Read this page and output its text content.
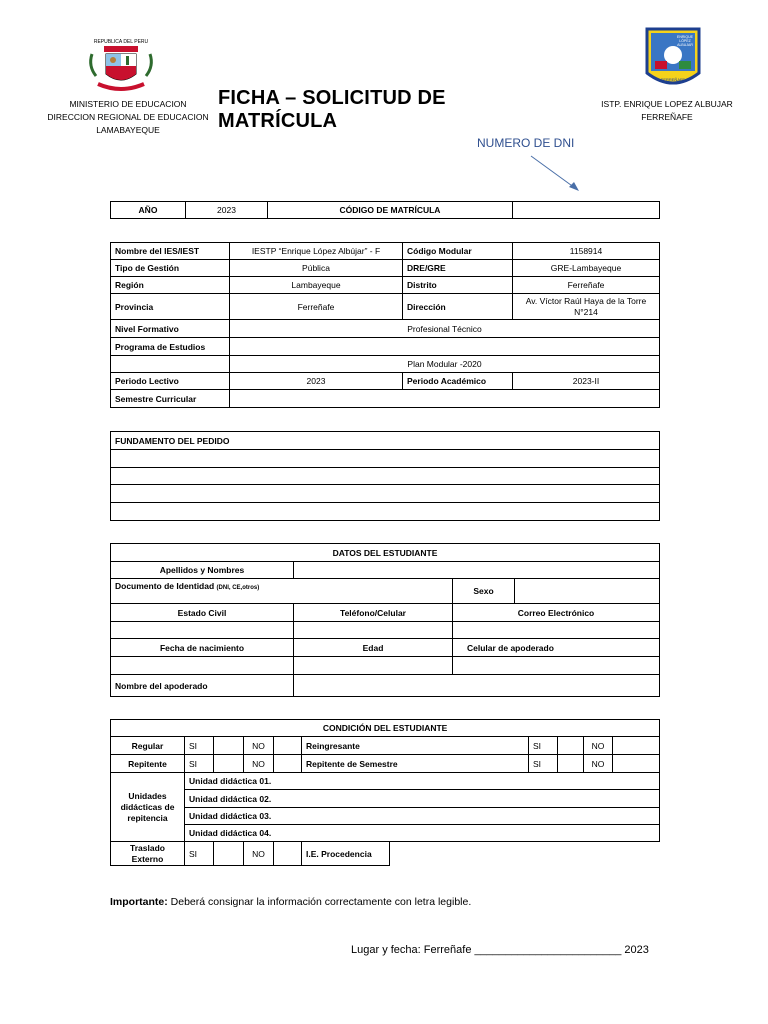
REPUBLICA DEL PERU
MINISTERIO DE EDUCACION
DIRECCION REGIONAL DE EDUCACION
LAMABAYEQUE
FICHA – SOLICITUD DE MATRÍCULA
ENRIQUE
LÓPEZ
ALBUJAR
FERREÑAFE
ISTP. ENRIQUE LOPEZ ALBUJAR
FERREÑAFE
NUMERO DE DNI
AÑO	2023	CÓDIGO DE MATRÍCULA	
Nombre del IES/IEST	IESTP “Enrique López Albújar” - F	Código Modular	1158914
Tipo de Gestión	Pública	DRE/GRE	GRE-Lambayeque
Región	Lambayeque	Distrito	Ferreñafe
Provincia	Ferreñafe	Dirección	Av. Víctor Raúl Haya de la Torre N°214
Nivel Formativo	Profesional Técnico		
Programa de Estudios			
	Plan Modular -2020		
Periodo Lectivo	2023	Periodo Académico	2023-II
Semestre Curricular			
FUNDAMENTO DEL PEDIDO

DATOS DEL ESTUDIANTE			
Apellidos y Nombres			
Documento de Identidad (DNI, CE,otros)		Sexo	
Estado Civil	Teléfono/Celular	Correo Electrónico	

Fecha de nacimiento	Edad	Celular de apoderado	

Nombre del apoderado			
CONDICIÓN DEL ESTUDIANTE										
Regular	SI		NO		Reingresante		SI		NO	
Repitente	SI		NO		Repitente de Semestre		SI		NO	
Unidades didácticas de repitencia	Unidad didáctica 01.									
	Unidad didáctica 02.									
	Unidad didáctica 03.									
	Unidad didáctica 04.									
Traslado Externo	SI		NO		I.E. Procedencia					
Importante: Deberá consignar la información correctamente con letra legible.
Lugar y fecha: Ferreñafe ________________________ 2023
